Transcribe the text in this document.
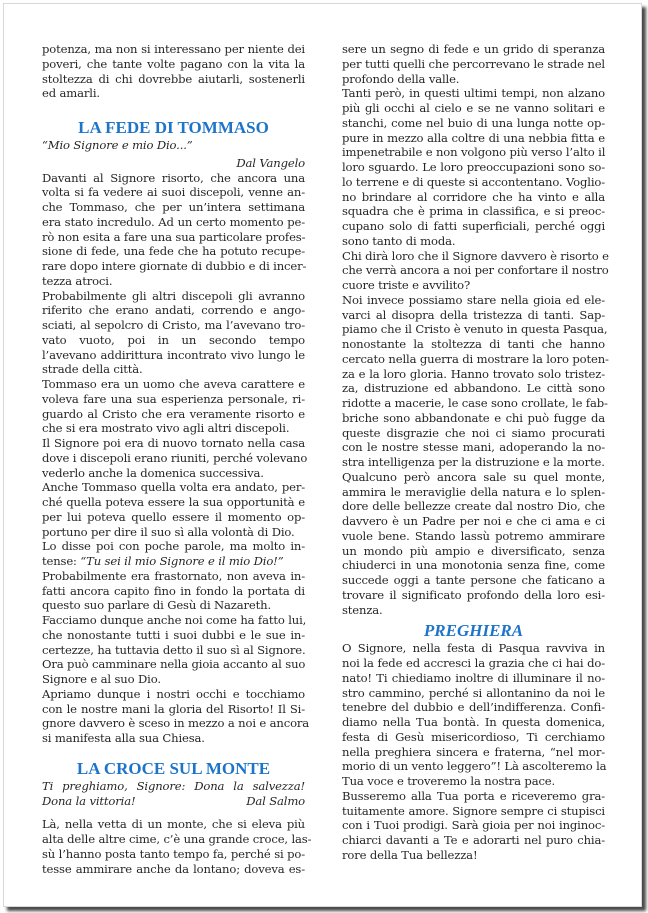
potenza, ma non si interessano per niente dei
poveri, che tante volte pagano con la vita la
stoltezza di chi dovrebbe aiutarli, sostenerli
ed amarli.
LA FEDE DI TOMMASO
“Mio Signore e mio Dio...”
Dal Vangelo
Davanti al Signore risorto, che ancora una
volta si fa vedere ai suoi discepoli, venne an-
che Tommaso, che per un’intera settimana
era stato incredulo. Ad un certo momento pe-
rò non esita a fare una sua particolare profes-
sione di fede, una fede che ha potuto recupe-
rare dopo intere giornate di dubbio e di incer-
tezza atroci.
Probabilmente gli altri discepoli gli avranno
riferito che erano andati, correndo e ango-
sciati, al sepolcro di Cristo, ma l’avevano tro-
vato vuoto, poi in un secondo tempo
l’avevano addirittura incontrato vivo lungo le
strade della città.
Tommaso era un uomo che aveva carattere e
voleva fare una sua esperienza personale, ri-
guardo al Cristo che era veramente risorto e
che si era mostrato vivo agli altri discepoli.
Il Signore poi era di nuovo tornato nella casa
dove i discepoli erano riuniti, perché volevano
vederlo anche la domenica successiva.
Anche Tommaso quella volta era andato, per-
ché quella poteva essere la sua opportunità e
per lui poteva quello essere il momento op-
portuno per dire il suo sì alla volontà di Dio.
Lo disse poi con poche parole, ma molto in-
tense: “Tu sei il mio Signore e il mio Dio!”
Probabilmente era frastornato, non aveva in-
fatti ancora capito fino in fondo la portata di
questo suo parlare di Gesù di Nazareth.
Facciamo dunque anche noi come ha fatto lui,
che nonostante tutti i suoi dubbi e le sue in-
certezze, ha tuttavia detto il suo sì al Signore.
Ora può camminare nella gioia accanto al suo
Signore e al suo Dio.
Apriamo dunque i nostri occhi e tocchiamo
con le nostre mani la gloria del Risorto! Il Si-
gnore davvero è sceso in mezzo a noi e ancora
si manifesta alla sua Chiesa.
LA CROCE SUL MONTE
Ti preghiamo, Signore: Dona la salvezza!
Dona la vittoria!	Dal Salmo
Là, nella vetta di un monte, che si eleva più
alta delle altre cime, c’è una grande croce, las-
sù l’hanno posta tanto tempo fa, perché si po-
tesse ammirare anche da lontano; doveva es-
sere un segno di fede e un grido di speranza
per tutti quelli che percorrevano le strade nel
profondo della valle.
Tanti però, in questi ultimi tempi, non alzano
più gli occhi al cielo e se ne vanno solitari e
stanchi, come nel buio di una lunga notte op-
pure in mezzo alla coltre di una nebbia fitta e
impenetrabile e non volgono più verso l’alto il
loro sguardo. Le loro preoccupazioni sono so-
lo terrene e di queste si accontentano. Voglio-
no brindare al corridore che ha vinto e alla
squadra che è prima in classifica, e si preoc-
cupano solo di fatti superficiali, perché oggi
sono tanto di moda.
Chi dirà loro che il Signore davvero è risorto e
che verrà ancora a noi per confortare il nostro
cuore triste e avvilito?
Noi invece possiamo stare nella gioia ed ele-
varci al disopra della tristezza di tanti. Sap-
piamo che il Cristo è venuto in questa Pasqua,
nonostante la stoltezza di tanti che hanno
cercato nella guerra di mostrare la loro poten-
za e la loro gloria. Hanno trovato solo tristez-
za, distruzione ed abbandono. Le città sono
ridotte a macerie, le case sono crollate, le fab-
briche sono abbandonate e chi può fugge da
queste disgrazie che noi ci siamo procurati
con le nostre stesse mani, adoperando la no-
stra intelligenza per la distruzione e la morte.
Qualcuno però ancora sale su quel monte,
ammira le meraviglie della natura e lo splen-
dore delle bellezze create dal nostro Dio, che
davvero è un Padre per noi e che ci ama e ci
vuole bene. Stando lassù potremo ammirare
un mondo più ampio e diversificato, senza
chiuderci in una monotonia senza fine, come
succede oggi a tante persone che faticano a
trovare il significato profondo della loro esi-
stenza.
PREGHIERA
O Signore, nella festa di Pasqua ravviva in
noi la fede ed accresci la grazia che ci hai do-
nato! Ti chiediamo inoltre di illuminare il no-
stro cammino, perché si allontanino da noi le
tenebre del dubbio e dell’indifferenza. Confi-
diamo nella Tua bontà. In questa domenica,
festa di Gesù misericordioso, Ti cerchiamo
nella preghiera sincera e fraterna, “nel mor-
morio di un vento leggero”! Là ascolteremo la
Tua voce e troveremo la nostra pace.
Busseremo alla Tua porta e riceveremo gra-
tuitamente amore. Signore sempre ci stupisci
con i Tuoi prodigi. Sarà gioia per noi inginoc-
chiarci davanti a Te e adorarti nel puro chia-
rore della Tua bellezza!
